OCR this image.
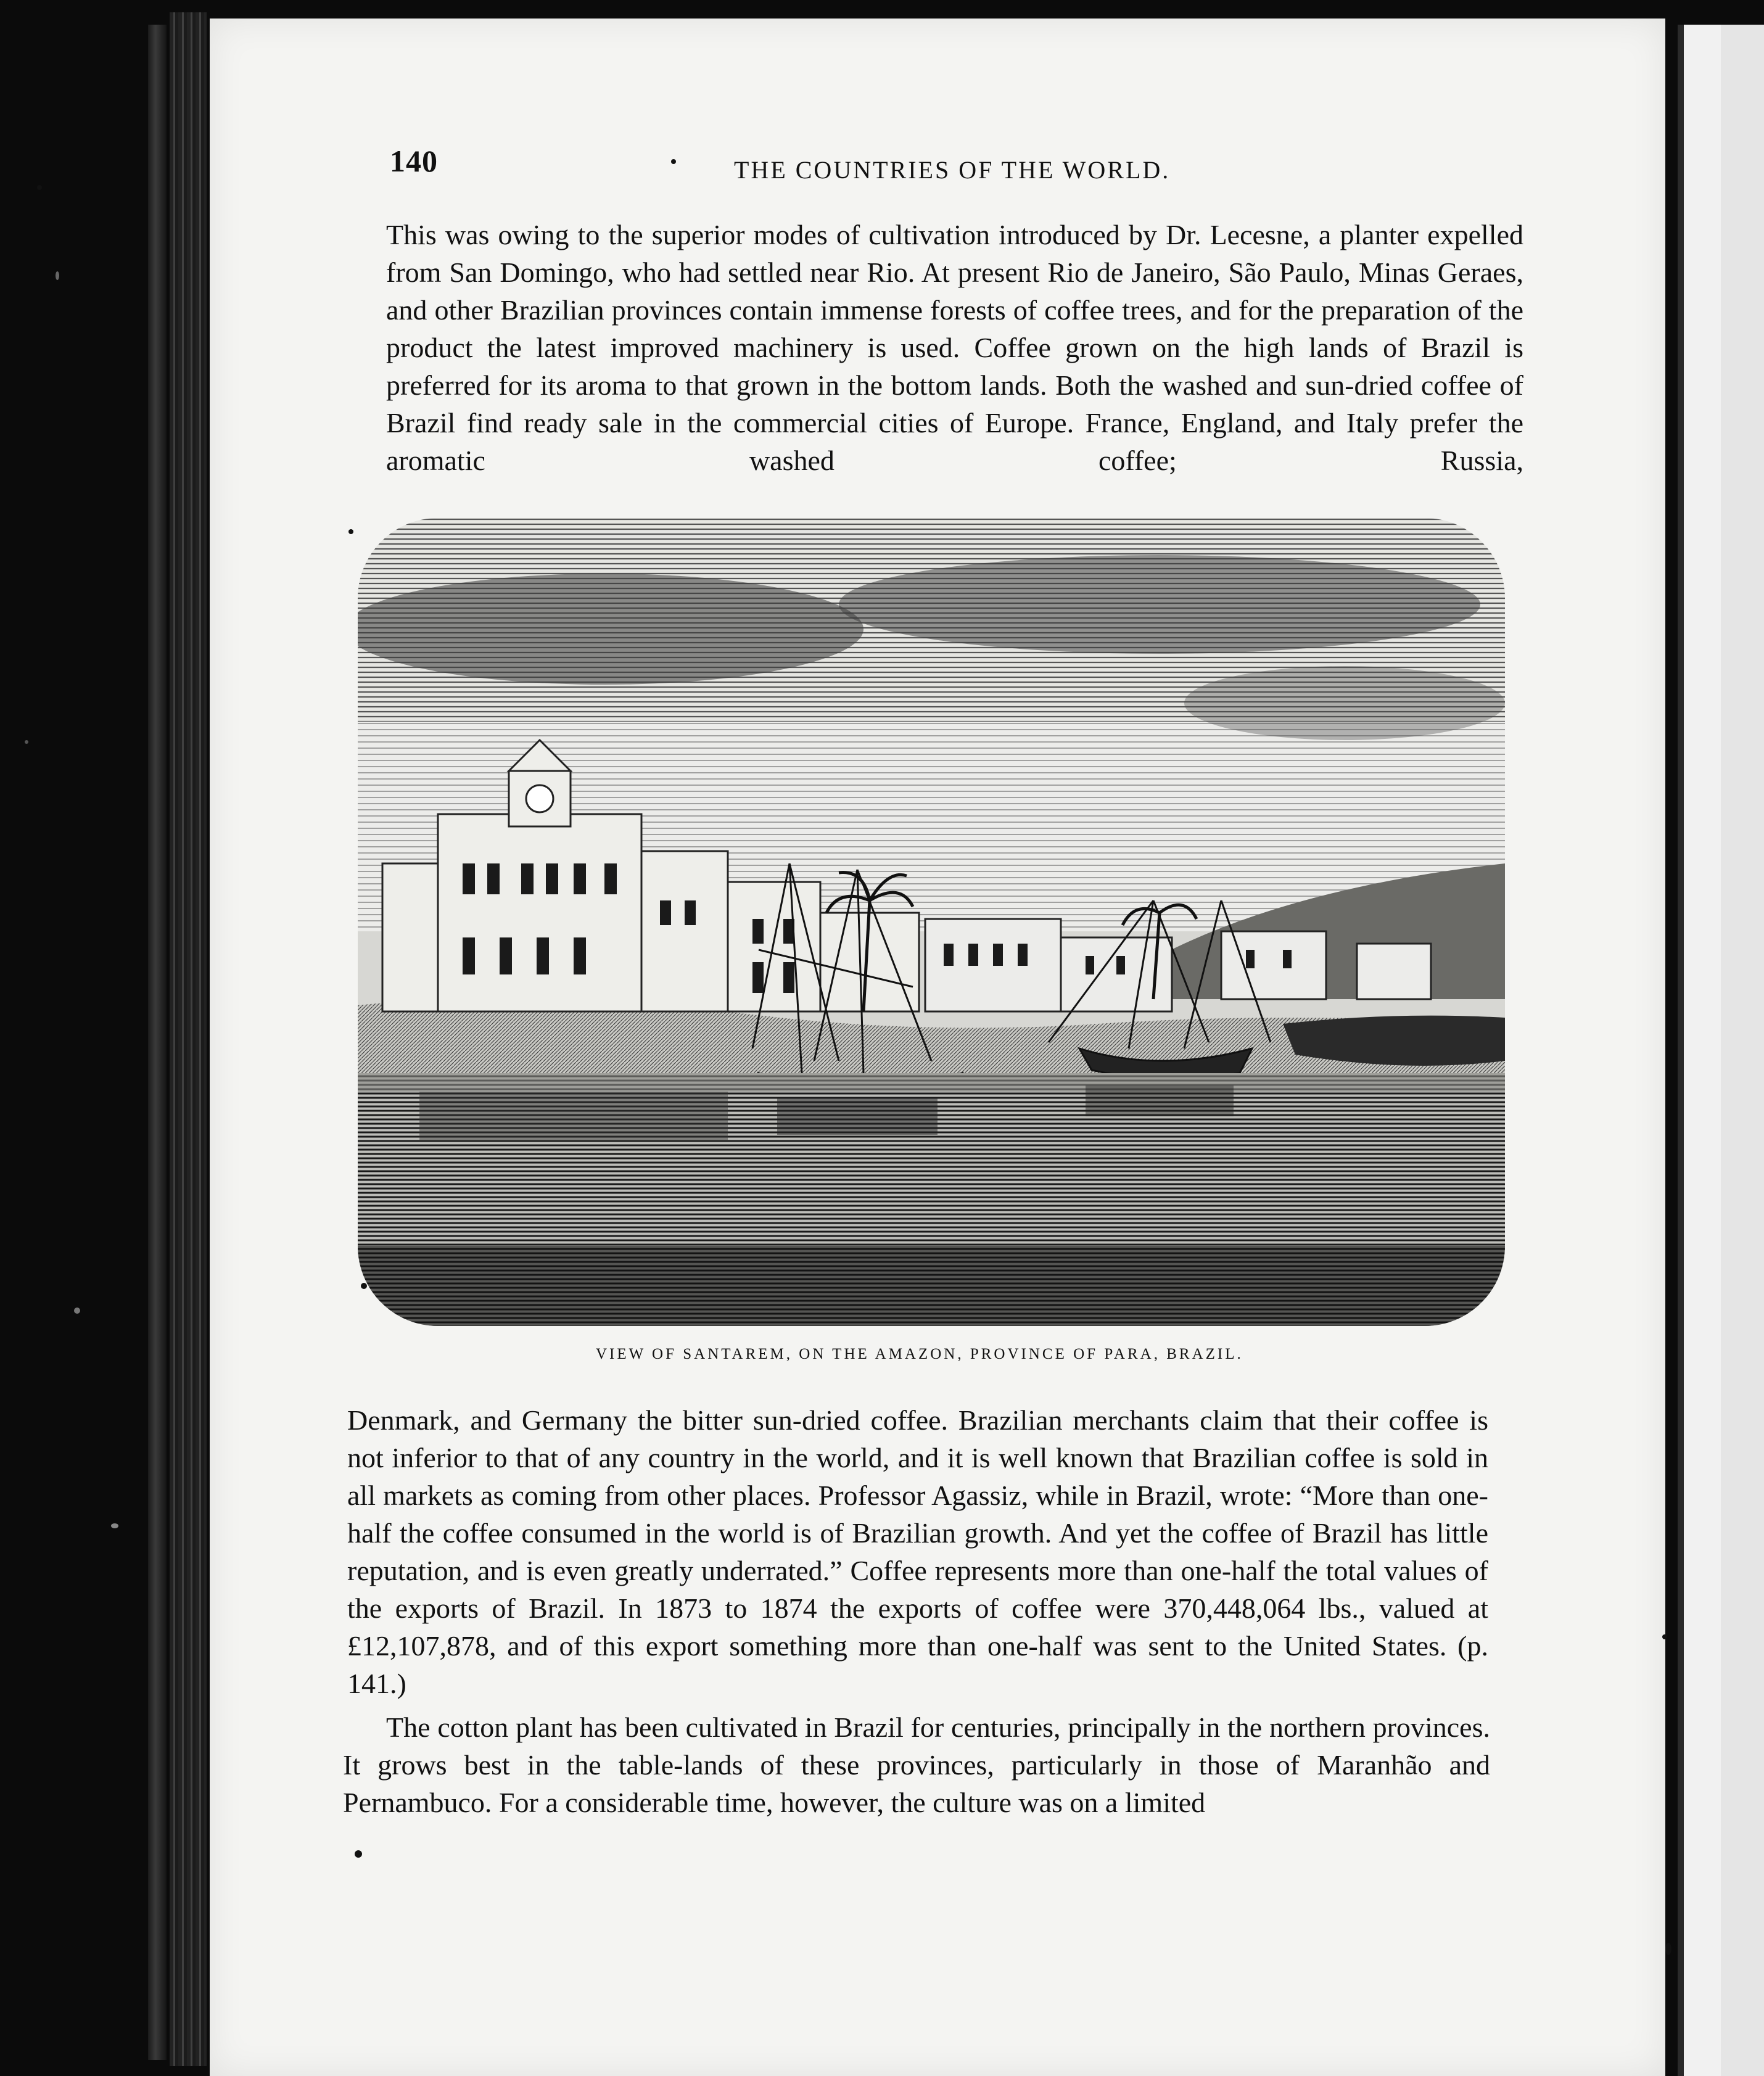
140	THE COUNTRIES OF THE WORLD.
This was owing to the superior modes of cultivation introduced by Dr. Lecesne, a planter expelled from San Domingo, who had settled near Rio. At present Rio de Janeiro, São Paulo, Minas Geraes, and other Brazilian provinces contain immense forests of coffee trees, and for the preparation of the product the latest improved machinery is used. Coffee grown on the high lands of Brazil is preferred for its aroma to that grown in the bottom lands. Both the washed and sun-dried coffee of Brazil find ready sale in the commercial cities of Europe. France, England, and Italy prefer the aromatic washed coffee; Russia,
VIEW OF SANTAREM, ON THE AMAZON, PROVINCE OF PARA, BRAZIL.
Denmark, and Germany the bitter sun-dried coffee. Brazilian merchants claim that their coffee is not inferior to that of any country in the world, and it is well known that Brazilian coffee is sold in all markets as coming from other places. Professor Agassiz, while in Brazil, wrote: “More than one-half the coffee consumed in the world is of Brazilian growth. And yet the coffee of Brazil has little reputation, and is even greatly underrated.” Coffee represents more than one-half the total values of the exports of Brazil. In 1873 to 1874 the exports of coffee were 370,448,064 lbs., valued at £12,107,878, and of this export something more than one-half was sent to the United States. (p. 141.)

The cotton plant has been cultivated in Brazil for centuries, principally in the northern provinces. It grows best in the table-lands of these provinces, particularly in those of Maranhão and Pernambuco. For a considerable time, however, the culture was on a limited
